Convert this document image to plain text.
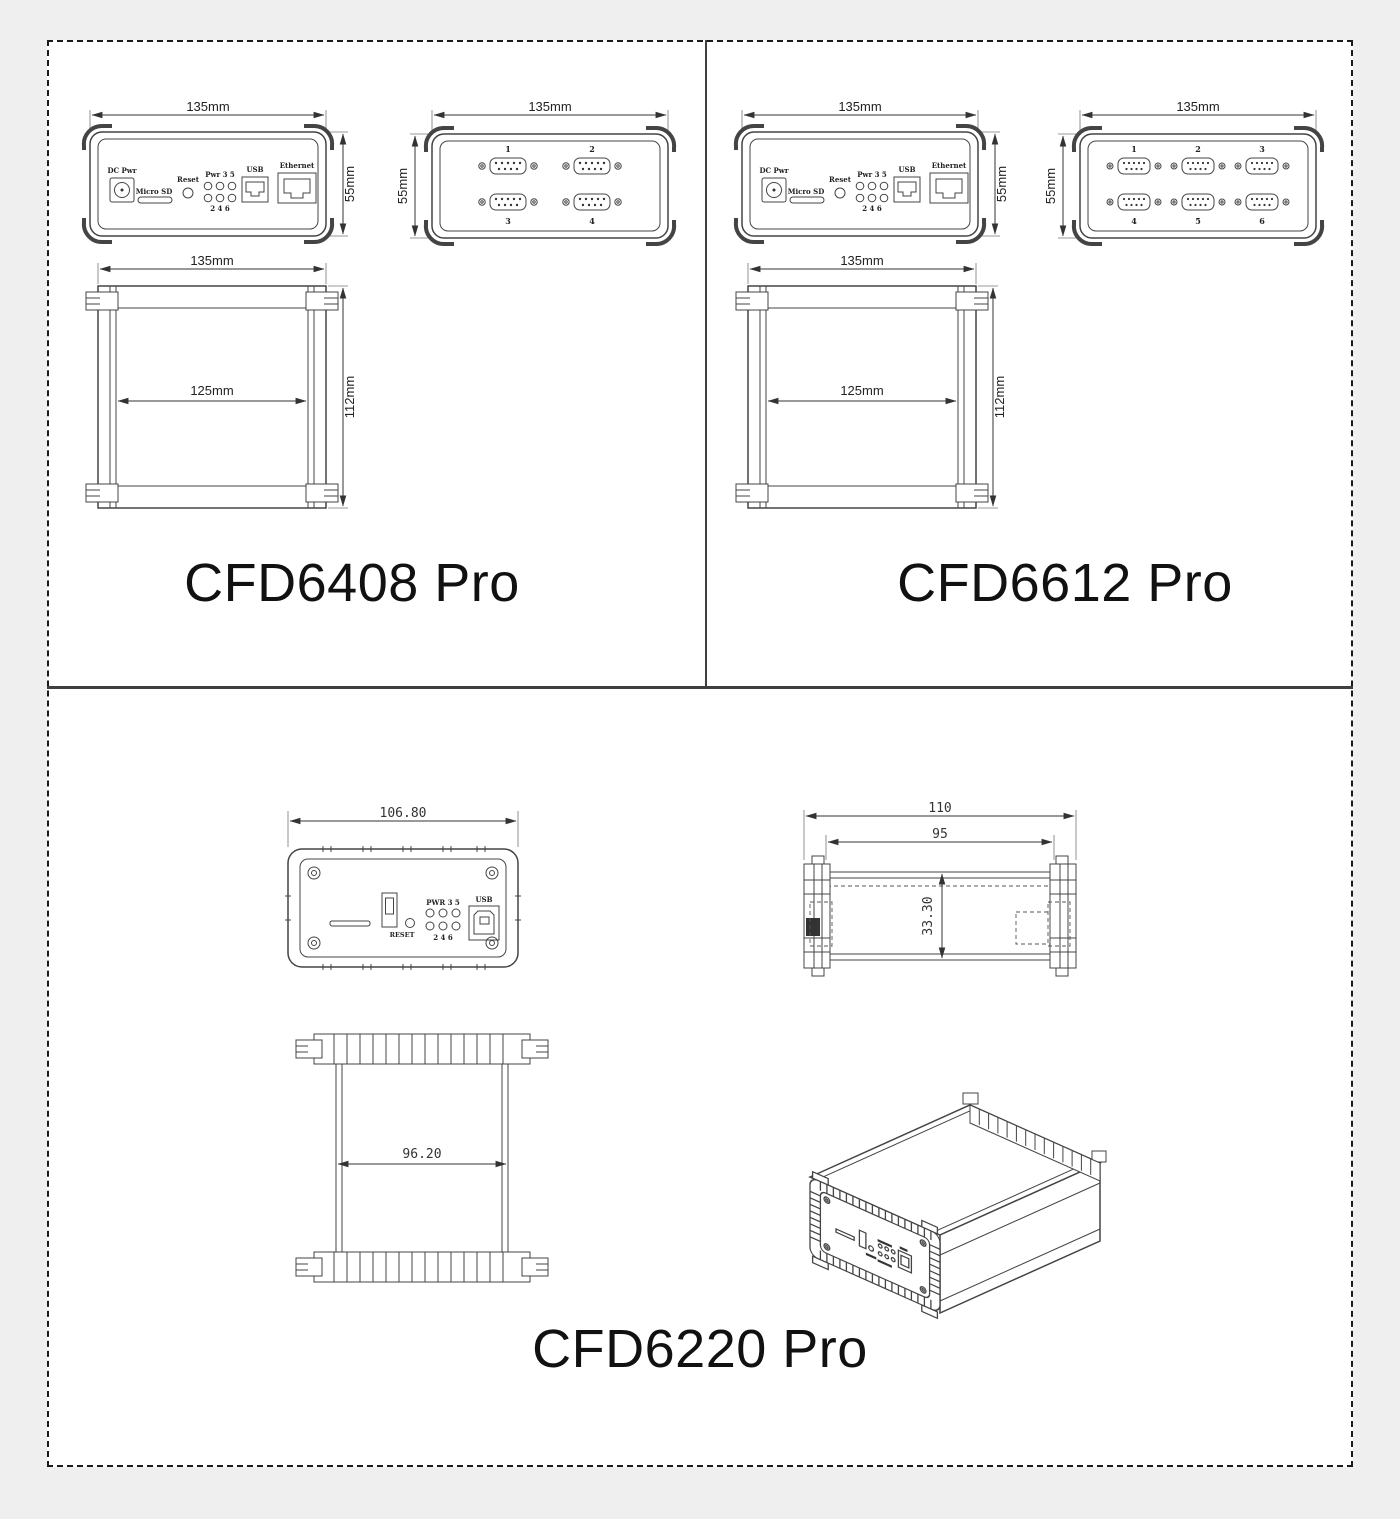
135mm
55mm
DC Pwr
Micro SD
Reset
Pwr 3 5
2 4 6
USB Ethernet
135mm
55mm
1	2
3	4
135mm
125mm	112mm
CFD6408 Pro
135mm
55mm
DC Pwr
Micro SD
Reset
Pwr 3 5
2 4 6
USB Ethernet
135mm
55mm
1	2	3
4	5	6
135mm
125mm	112mm
CFD6612 Pro
106.80
RESET
PWR 3 5
2 4 6
USB
110
95
33.30
96.20
CFD6220 Pro
